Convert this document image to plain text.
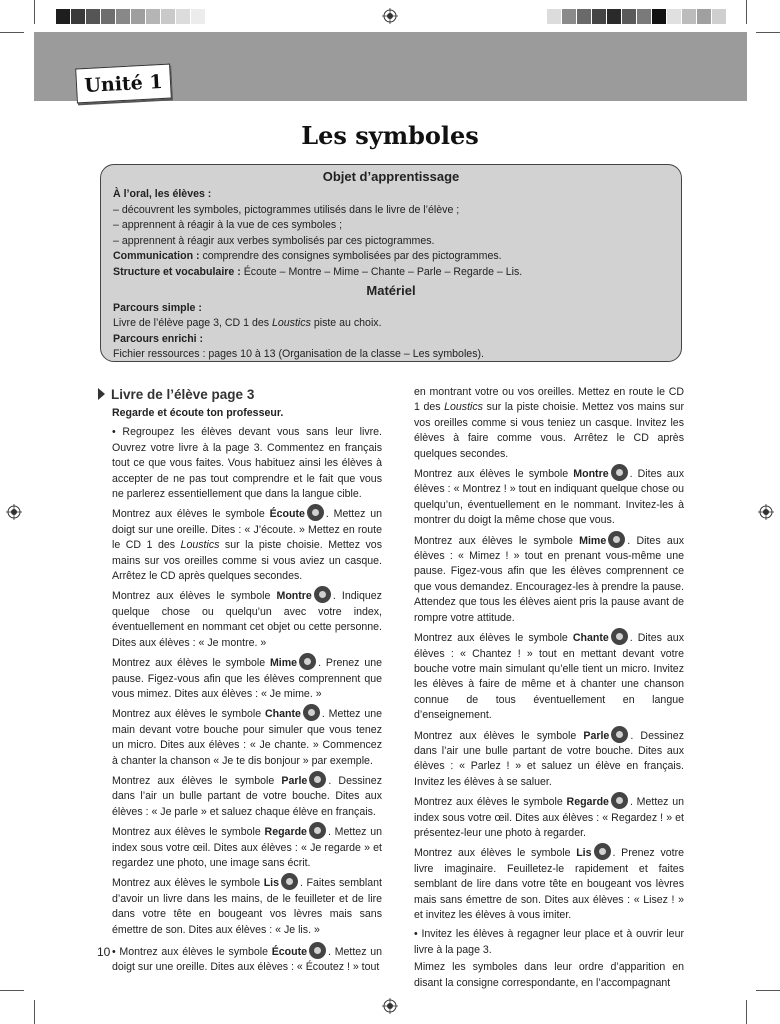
Unité 1
Les symboles
Objet d’apprentissage
À l’oral, les élèves :
– découvrent les symboles, pictogrammes utilisés dans le livre de l’élève ;
– apprennent à réagir à la vue de ces symboles ;
– apprennent à réagir aux verbes symbolisés par ces pictogrammes.
Communication : comprendre des consignes symbolisées par des pictogrammes.
Structure et vocabulaire : Écoute – Montre – Mime – Chante – Parle – Regarde – Lis.
Matériel
Parcours simple :
Livre de l’élève page 3, CD 1 des Loustics piste au choix.
Parcours enrichi :
Fichier ressources : pages 10 à 13 (Organisation de la classe – Les symboles).
Livre de l’élève page 3
Regarde et écoute ton professeur.

• Regroupez les élèves devant vous sans leur livre. Ouvrez votre livre à la page 3. Commentez en français tout ce que vous faites. Vous habituez ainsi les élèves à accepter de ne pas tout comprendre et le fait que vous ne parlerez essentiellement que dans la langue cible.

Montrez aux élèves le symbole Écoute . Mettez un doigt sur une oreille. Dites : « J’écoute. » Mettez en route le CD 1 des Loustics sur la piste choisie. Mettez vos mains sur vos oreilles comme si vous aviez un casque. Arrêtez le CD après quelques secondes.

Montrez aux élèves le symbole Montre . Indiquez quelque chose ou quelqu’un avec votre index, éventuellement en nommant cet objet ou cette personne. Dites aux élèves : « Je montre. »

Montrez aux élèves le symbole Mime . Prenez une pause. Figez-vous afin que les élèves comprennent que vous mimez. Dites aux élèves : « Je mime. »

Montrez aux élèves le symbole Chante . Mettez une main devant votre bouche pour simuler que vous tenez un micro. Dites aux élèves : « Je chante. » Commencez à chanter la chanson « Je te dis bonjour » par exemple.

Montrez aux élèves le symbole Parle . Dessinez dans l’air un bulle partant de votre bouche. Dites aux élèves : « Je parle » et saluez chaque élève en français.

Montrez aux élèves le symbole Regarde . Mettez un index sous votre œil. Dites aux élèves : « Je regarde » et regardez une photo, une image sans écrit.

Montrez aux élèves le symbole Lis . Faites semblant d’avoir un livre dans les mains, de le feuilleter et de lire dans votre tête en bougeant vos lèvres mais sans émettre de son. Dites aux élèves : « Je lis. »

• Montrez aux élèves le symbole Écoute . Mettez un doigt sur une oreille. Dites aux élèves : « Écoutez ! » tout

en montrant votre ou vos oreilles. Mettez en route le CD 1 des Loustics sur la piste choisie. Mettez vos mains sur vos oreilles comme si vous teniez un casque. Invitez les élèves à faire comme vous. Arrêtez le CD après quelques secondes.

Montrez aux élèves le symbole Montre . Dites aux élèves : « Montrez ! » tout en indiquant quelque chose ou quelqu’un, éventuellement en le nommant. Invitez-les à montrer du doigt la même chose que vous.

Montrez aux élèves le symbole Mime . Dites aux élèves : « Mimez ! » tout en prenant vous-même une pause. Figez-vous afin que les élèves comprennent ce que vous demandez. Encouragez-les à prendre la pause. Attendez que tous les élèves aient pris la pause avant de rompre votre attitude.

Montrez aux élèves le symbole Chante . Dites aux élèves : « Chantez ! » tout en mettant devant votre bouche votre main simulant qu’elle tient un micro. Invitez les élèves à faire de même et à chanter une chanson connue de tous éventuellement en langue d’enseignement.

Montrez aux élèves le symbole Parle . Dessinez dans l’air une bulle partant de votre bouche. Dites aux élèves : « Parlez ! » et saluez un élève en français. Invitez les élèves à se saluer.

Montrez aux élèves le symbole Regarde . Mettez un index sous votre œil. Dites aux élèves : « Regardez ! » et présentez-leur une photo à regarder.

Montrez aux élèves le symbole Lis . Prenez votre livre imaginaire. Feuilletez-le rapidement et faites semblant de lire dans votre tête en bougeant vos lèvres mais sans émettre de son. Dites aux élèves : « Lisez ! » et invitez les élèves à vous imiter.

• Invitez les élèves à regagner leur place et à ouvrir leur livre à la page 3.

Mimez les symboles dans leur ordre d’apparition en disant la consigne correspondante, en l’accompagnant

10
